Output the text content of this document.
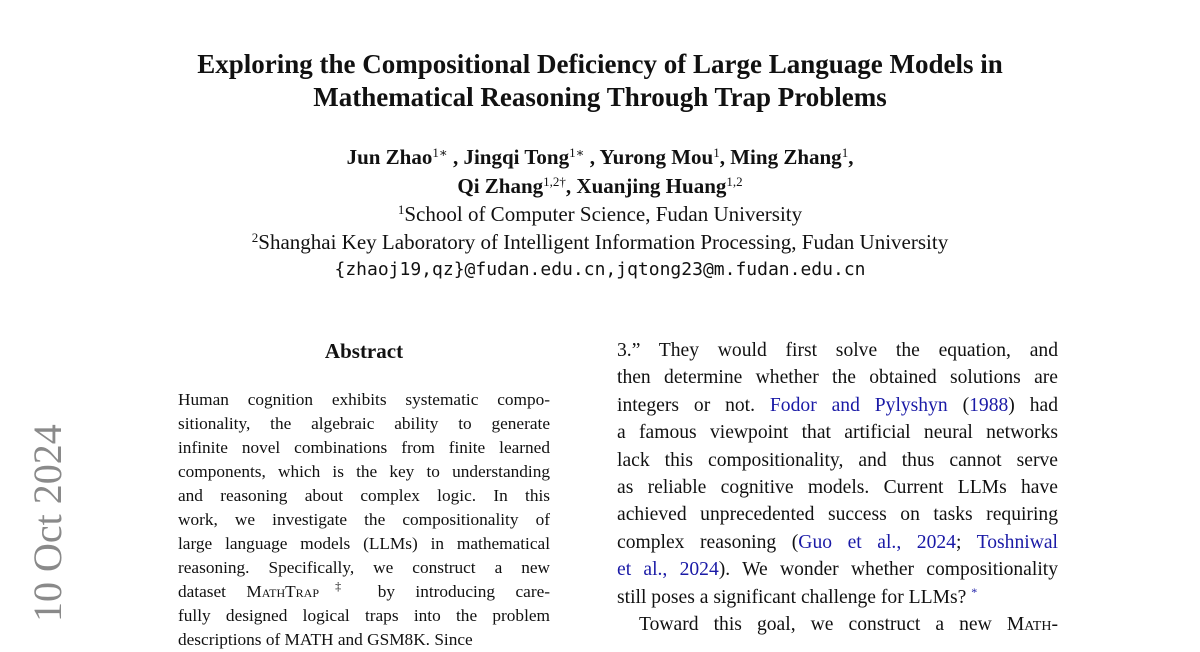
10 Oct 2024
Exploring the Compositional Deficiency of Large Language Models in
Mathematical Reasoning Through Trap Problems
Jun Zhao$^{1∗}$ , Jingqi Tong$^{1∗}$ , Yurong Mou$^1$, Ming Zhang$^1$,
Qi Zhang$^{1,2\dagger}$, Xuanjing Huang$^{1,2}$
$^1$School of Computer Science, Fudan University
$^2$Shanghai Key Laboratory of Intelligent Information Processing, Fudan University
{zhaoj19,qz}@fudan.edu.cn,jqtong23@m.fudan.edu.cn
Abstract
Human cognition exhibits systematic compo-
sitionality, the algebraic ability to generate
infinite novel combinations from finite learned
components, which is the key to understanding
and reasoning about complex logic. In this
work, we investigate the compositionality of
large language models (LLMs) in mathematical
reasoning. Specifically, we construct a new
dataset MathTrap‡ by introducing care-
fully designed logical traps into the problem
descriptions of MATH and GSM8K. Since
3.” They would first solve the equation, and
then determine whether the obtained solutions are
integers or not. Fodor and Pylyshyn (1988) had
a famous viewpoint that artificial neural networks
lack this compositionality, and thus cannot serve
as reliable cognitive models. Current LLMs have
achieved unprecedented success on tasks requiring
complex reasoning (Guo et al., 2024; Toshniwal
et al., 2024). We wonder whether compositionality
still poses a significant challenge for LLMs? *
Toward this goal, we construct a new Math-
